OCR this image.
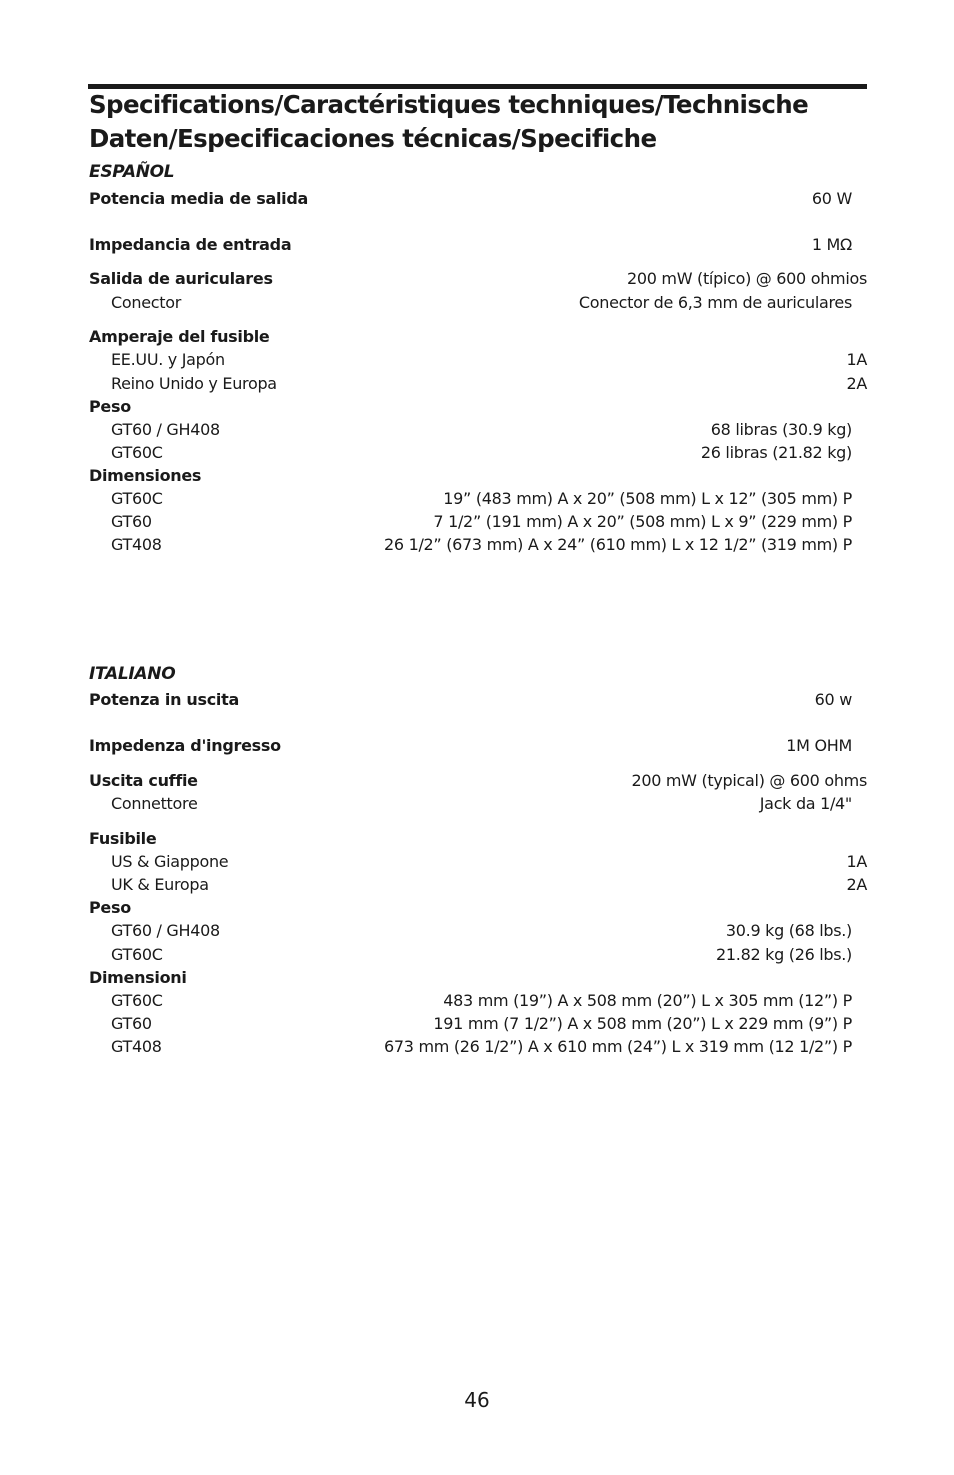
Specifications/Caractéristiques techniques/Technische Daten/Especificaciones técnicas/Specifiche
ESPAÑOL
Potencia media de salida	60 W
Impedancia de entrada	1 MΩ
Salida de auriculares	200 mW (típico) @ 600 ohmios
Conector	Conector de 6,3 mm de auriculares
Amperaje del fusible
EE.UU. y Japón	1A
Reino Unido y Europa	2A
Peso
GT60 / GH408	68 libras (30.9 kg)
GT60C	26 libras (21.82 kg)
Dimensiones
GT60C	19” (483 mm) A x 20” (508 mm) L x 12” (305 mm) P
GT60	7 1/2” (191 mm) A x 20” (508 mm) L x 9” (229 mm) P
GT408	26 1/2” (673 mm) A x 24” (610 mm) L x 12 1/2” (319 mm) P
ITALIANO
Potenza in uscita	60 w
Impedenza d'ingresso	1M OHM
Uscita cuffie	200 mW (typical) @ 600 ohms
Connettore	Jack da 1/4"
Fusibile
US & Giappone	1A
UK & Europa	2A
Peso
GT60 / GH408	30.9 kg (68 lbs.)
GT60C	21.82 kg (26 lbs.)
Dimensioni
GT60C	483 mm (19”) A x 508 mm (20”) L x 305 mm (12”) P
GT60	191 mm (7 1/2”) A x 508 mm (20”) L x 229 mm (9”) P
GT408	673 mm (26 1/2”) A x 610 mm (24”) L x 319 mm (12 1/2”) P
46
